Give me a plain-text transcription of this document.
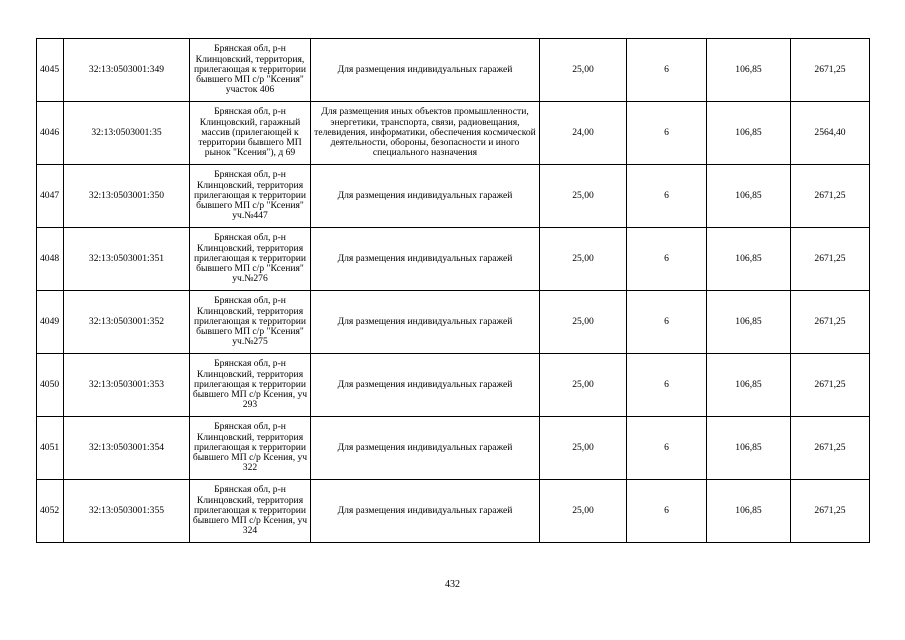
4045	32:13:0503001:349	Брянская обл, р-н Клинцовский, территория, прилегающая к территории бывшего МП с/р "Ксения" участок 406	Для размещения индивидуальных гаражей	25,00	6	106,85	2671,25
4046	32:13:0503001:35	Брянская обл, р-н Клинцовский, гаражный массив (прилегающей к территории бывшего МП рынок "Ксения"), д 69	Для размещения иных объектов промышленности, энергетики, транспорта, связи, радиовещания, телевидения, информатики, обеспечения космической деятельности, обороны, безопасности и иного специального назначения	24,00	6	106,85	2564,40
4047	32:13:0503001:350	Брянская обл, р-н Клинцовский, территория прилегающая к территории бывшего МП с/р "Ксения" уч.№447	Для размещения индивидуальных гаражей	25,00	6	106,85	2671,25
4048	32:13:0503001:351	Брянская обл, р-н Клинцовский, территория прилегающая к территории бывшего МП с/р "Ксения" уч.№276	Для размещения индивидуальных гаражей	25,00	6	106,85	2671,25
4049	32:13:0503001:352	Брянская обл, р-н Клинцовский, территория прилегающая к территории бывшего МП с/р "Ксения" уч.№275	Для размещения индивидуальных гаражей	25,00	6	106,85	2671,25
4050	32:13:0503001:353	Брянская обл, р-н Клинцовский, территория прилегающая к территории бывшего МП с/р Ксения, уч 293	Для размещения индивидуальных гаражей	25,00	6	106,85	2671,25
4051	32:13:0503001:354	Брянская обл, р-н Клинцовский, территория прилегающая к территории бывшего МП с/р Ксения, уч 322	Для размещения индивидуальных гаражей	25,00	6	106,85	2671,25
4052	32:13:0503001:355	Брянская обл, р-н Клинцовский, территория прилегающая к территории бывшего МП с/р Ксения, уч 324	Для размещения индивидуальных гаражей	25,00	6	106,85	2671,25
432
